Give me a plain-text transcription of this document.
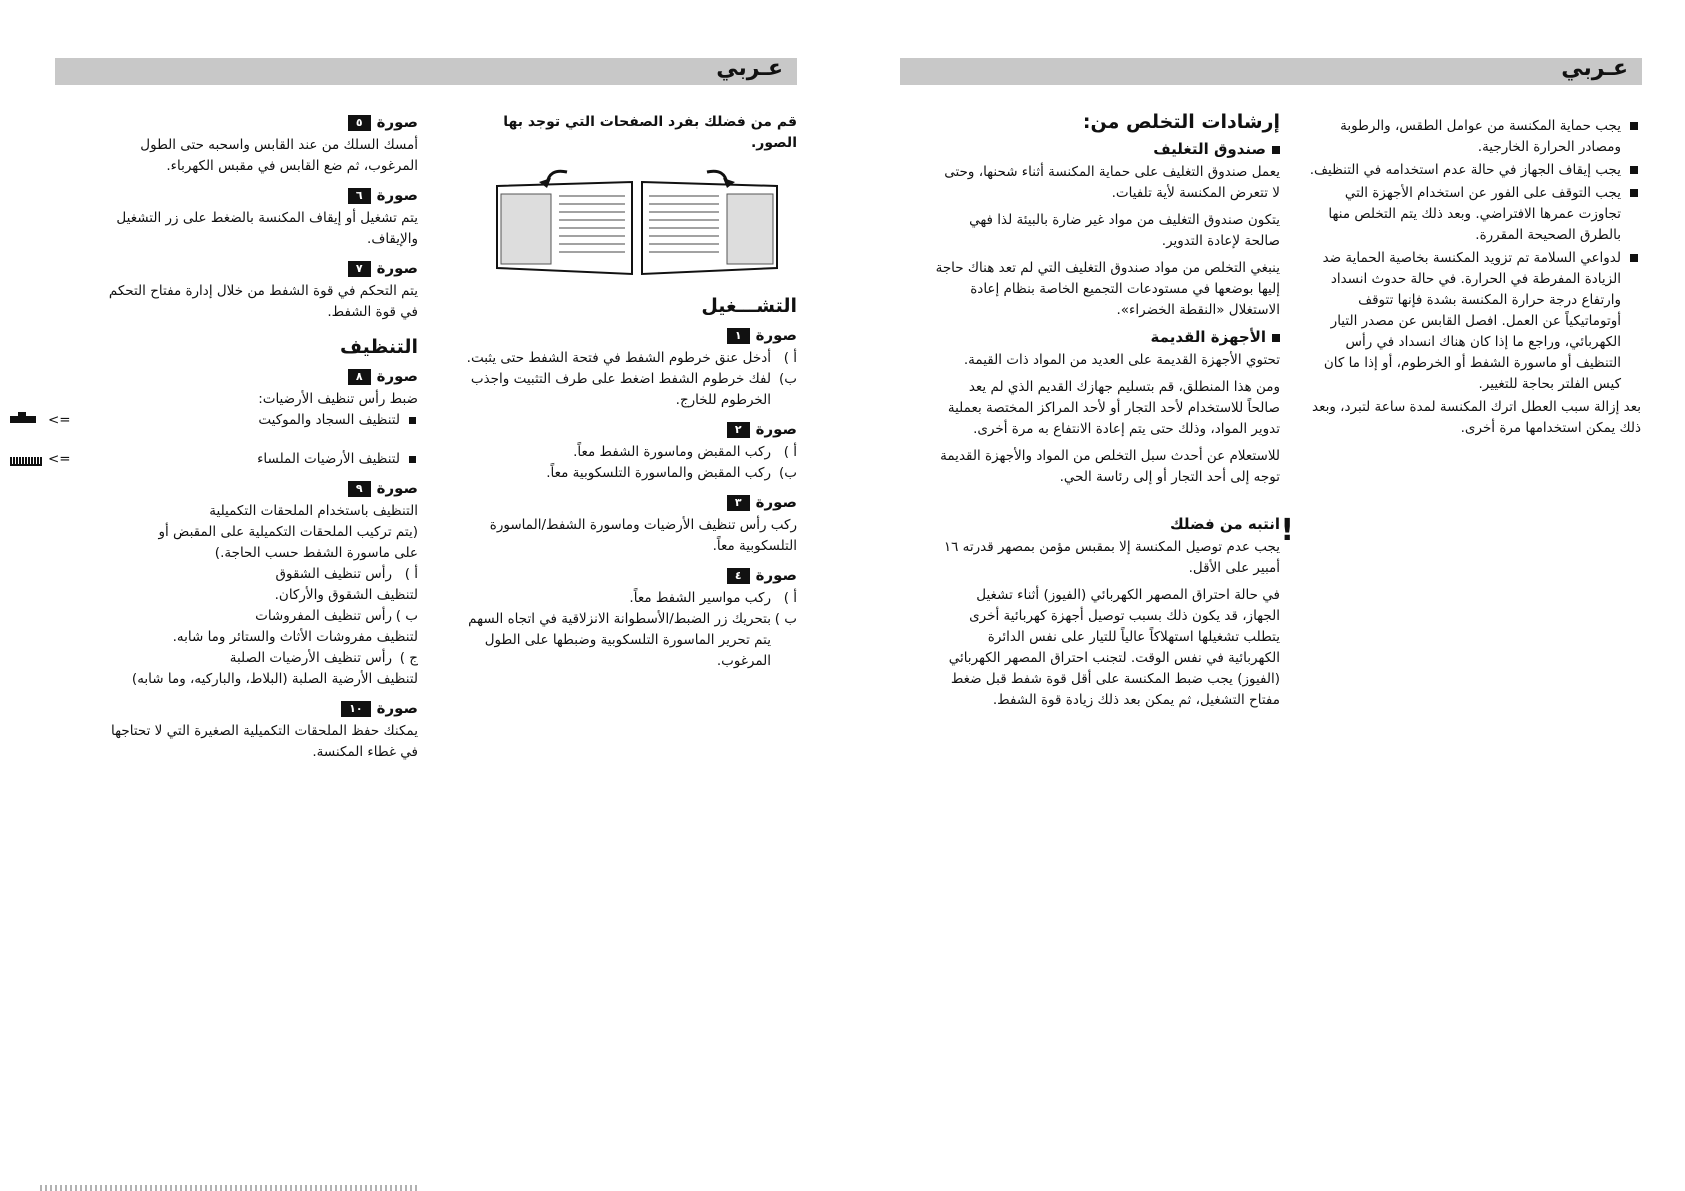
عـربي	عـربي

قم من فضلك بفرد الصفحات التي توجد بها الصور.

التشـــغيل
صورة١

أ )
أدخل عنق خرطوم الشفط في فتحة الشفط حتى يثبت.

ب)
لفك خرطوم الشفط اضغط على طرف التثبيت واجذب الخرطوم للخارج.

صورة٢

أ )
ركب المقبض وماسورة الشفط معاً.

ب)
ركب المقبض والماسورة التلسكوبية معاً.

صورة٣

ركب رأس تنظيف الأرضيات وماسورة الشفط/الماسورة التلسكوبية معاً.

صورة٤

أ )
ركب مواسير الشفط معاً.

ب )
بتحريك زر الضبط/الأسطوانة الانزلاقية في اتجاه السهم يتم تحرير الماسورة التلسكوبية وضبطها على الطول المرغوب.

صورة٥

أمسك السلك من عند القابس واسحبه حتى الطول المرغوب، ثم ضع القابس في مقبس الكهرباء.

صورة٦

يتم تشغيل أو إيقاف المكنسة بالضغط على زر التشغيل والإيقاف.

صورة٧

يتم التحكم في قوة الشفط من خلال إدارة مفتاح التحكم في قوة الشفط.

التنظيف
صورة٨

ضبط رأس تنظيف الأرضيات:

لتنظيف السجاد والموكيت
<=

لتنظيف الأرضيات الملساء
<=

صورة٩

التنظيف باستخدام الملحقات التكميلية

(يتم تركيب الملحقات التكميلية على المقبض أو

على ماسورة الشفط حسب الحاجة.)

أ )
رأس تنظيف الشقوق

لتنظيف الشقوق والأركان.

ب )
رأس تنظيف المفروشات

لتنظيف مفروشات الأثاث والستائر وما شابه.

ج )
رأس تنظيف الأرضيات الصلبة

لتنظيف الأرضية الصلبة (البلاط، والباركيه، وما شابه)

صورة١٠

يمكنك حفظ الملحقات التكميلية الصغيرة التي لا تحتاجها في غطاء المكنسة.

يجب حماية المكنسة من عوامل الطقس، والرطوبة ومصادر الحرارة الخارجية.

يجب إيقاف الجهاز في حالة عدم استخدامه في التنظيف.

يجب التوقف على الفور عن استخدام الأجهزة التي تجاوزت عمرها الافتراضي. وبعد ذلك يتم التخلص منها بالطرق الصحيحة المقررة.

لدواعي السلامة تم تزويد المكنسة بخاصية الحماية ضد الزيادة المفرطة في الحرارة. في حالة حدوث انسداد وارتفاع درجة حرارة المكنسة بشدة فإنها تتوقف أوتوماتيكياً عن العمل. افصل القابس عن مصدر التيار الكهربائي، وراجع ما إذا كان هناك انسداد في رأس التنظيف أو ماسورة الشفط أو الخرطوم، أو إذا ما كان كيس الفلتر بحاجة للتغيير.

بعد إزالة سبب العطل اترك المكنسة لمدة ساعة لتبرد، وبعد ذلك يمكن استخدامها مرة أخرى.
إرشادات التخلص من:
صندوق التغليف

يعمل صندوق التغليف على حماية المكنسة أثناء شحنها، وحتى لا تتعرض المكنسة لأية تلفيات.

يتكون صندوق التغليف من مواد غير ضارة بالبيئة لذا فهي صالحة لإعادة التدوير.

ينبغي التخلص من مواد صندوق التغليف التي لم تعد هناك حاجة إليها بوضعها في مستودعات التجميع الخاصة بنظام إعادة الاستغلال «النقطة الخضراء».

الأجهزة القديمة

تحتوي الأجهزة القديمة على العديد من المواد ذات القيمة.

ومن هذا المنطلق، قم بتسليم جهازك القديم الذي لم يعد صالحاً للاستخدام لأحد التجار أو لأحد المراكز المختصة بعملية تدوير المواد، وذلك حتى يتم إعادة الانتفاع به مرة أخرى.

للاستعلام عن أحدث سبل التخلص من المواد والأجهزة القديمة توجه إلى أحد التجار أو إلى رئاسة الحي.

!
انتبه من فضلك

يجب عدم توصيل المكنسة إلا بمقبس مؤمن بمصهر قدرته ١٦ أمبير على الأقل.

في حالة احتراق المصهر الكهربائي (الفيوز) أثناء تشغيل الجهاز، قد يكون ذلك بسبب توصيل أجهزة كهربائية أخرى يتطلب تشغيلها استهلاكاً عالياً للتيار على نفس الدائرة الكهربائية في نفس الوقت. لتجنب احتراق المصهر الكهربائي (الفيوز) يجب ضبط المكنسة على أقل قوة شفط قبل ضغط مفتاح التشغيل، ثم يمكن بعد ذلك زيادة قوة الشفط.
